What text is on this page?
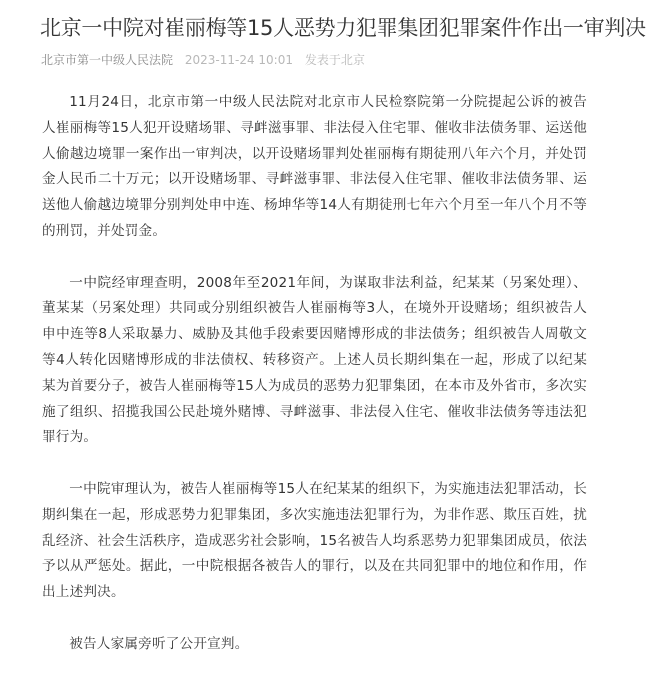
北京一中院对崔丽梅等15人恶势力犯罪集团犯罪案件作出一审判决
北京市第一中级人民法院 2023-11-24 10:01 发表于北京

11月24日，北京市第一中级人民法院对北京市人民检察院第一分院提起公诉的被告人崔丽梅等15人犯开设赌场罪、寻衅滋事罪、非法侵入住宅罪、催收非法债务罪、运送他人偷越边境罪一案作出一审判决，以开设赌场罪判处崔丽梅有期徒刑八年六个月，并处罚金人民币二十万元；以开设赌场罪、寻衅滋事罪、非法侵入住宅罪、催收非法债务罪、运送他人偷越边境罪分别判处申中连、杨坤华等14人有期徒刑七年六个月至一年八个月不等的刑罚，并处罚金。

一中院经审理查明，2008年至2021年间，为谋取非法利益，纪某某（另案处理）、董某某（另案处理）共同或分别组织被告人崔丽梅等3人，在境外开设赌场；组织被告人申中连等8人采取暴力、威胁及其他手段索要因赌博形成的非法债务；组织被告人周敬文等4人转化因赌博形成的非法债权、转移资产。上述人员长期纠集在一起，形成了以纪某某为首要分子，被告人崔丽梅等15人为成员的恶势力犯罪集团，在本市及外省市，多次实施了组织、招揽我国公民赴境外赌博、寻衅滋事、非法侵入住宅、催收非法债务等违法犯罪行为。

一中院审理认为，被告人崔丽梅等15人在纪某某的组织下，为实施违法犯罪活动，长期纠集在一起，形成恶势力犯罪集团，多次实施违法犯罪行为，为非作恶、欺压百姓，扰乱经济、社会生活秩序，造成恶劣社会影响，15名被告人均系恶势力犯罪集团成员，依法予以从严惩处。据此，一中院根据各被告人的罪行，以及在共同犯罪中的地位和作用，作出上述判决。

被告人家属旁听了公开宣判。
